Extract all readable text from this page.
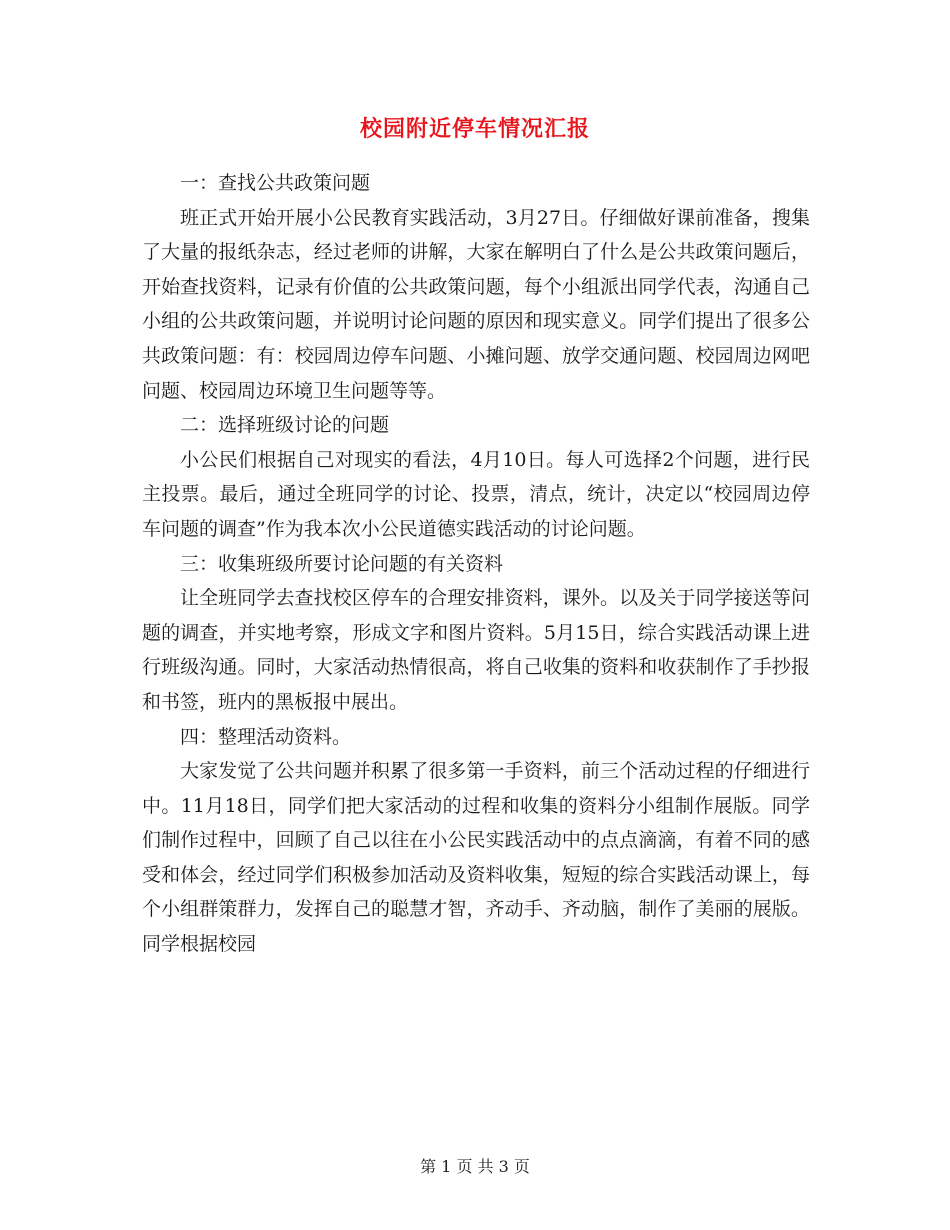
校园附近停车情况汇报

一：查找公共政策问题

班正式开始开展小公民教育实践活动，3月27日。仔细做好课前准备，搜集了大量的报纸杂志，经过老师的讲解，大家在解明白了什么是公共政策问题后，开始查找资料，记录有价值的公共政策问题，每个小组派出同学代表，沟通自己小组的公共政策问题，并说明讨论问题的原因和现实意义。同学们提出了很多公共政策问题：有：校园周边停车问题、小摊问题、放学交通问题、校园周边网吧问题、校园周边环境卫生问题等等。

二：选择班级讨论的问题

小公民们根据自己对现实的看法，4月10日。每人可选择2个问题，进行民主投票。最后，通过全班同学的讨论、投票，清点，统计，决定以“校园周边停车问题的调查”作为我本次小公民道德实践活动的讨论问题。

三：收集班级所要讨论问题的有关资料

让全班同学去查找校区停车的合理安排资料，课外。以及关于同学接送等问题的调查，并实地考察，形成文字和图片资料。5月15日，综合实践活动课上进行班级沟通。同时，大家活动热情很高，将自己收集的资料和收获制作了手抄报和书签，班内的黑板报中展出。

四：整理活动资料。

大家发觉了公共问题并积累了很多第一手资料，前三个活动过程的仔细进行中。11月18日，同学们把大家活动的过程和收集的资料分小组制作展版。同学们制作过程中，回顾了自己以往在小公民实践活动中的点点滴滴，有着不同的感受和体会，经过同学们积极参加活动及资料收集，短短的综合实践活动课上，每个小组群策群力，发挥自己的聪慧才智，齐动手、齐动脑，制作了美丽的展版。同学根据校园

第 1 页 共 3 页
